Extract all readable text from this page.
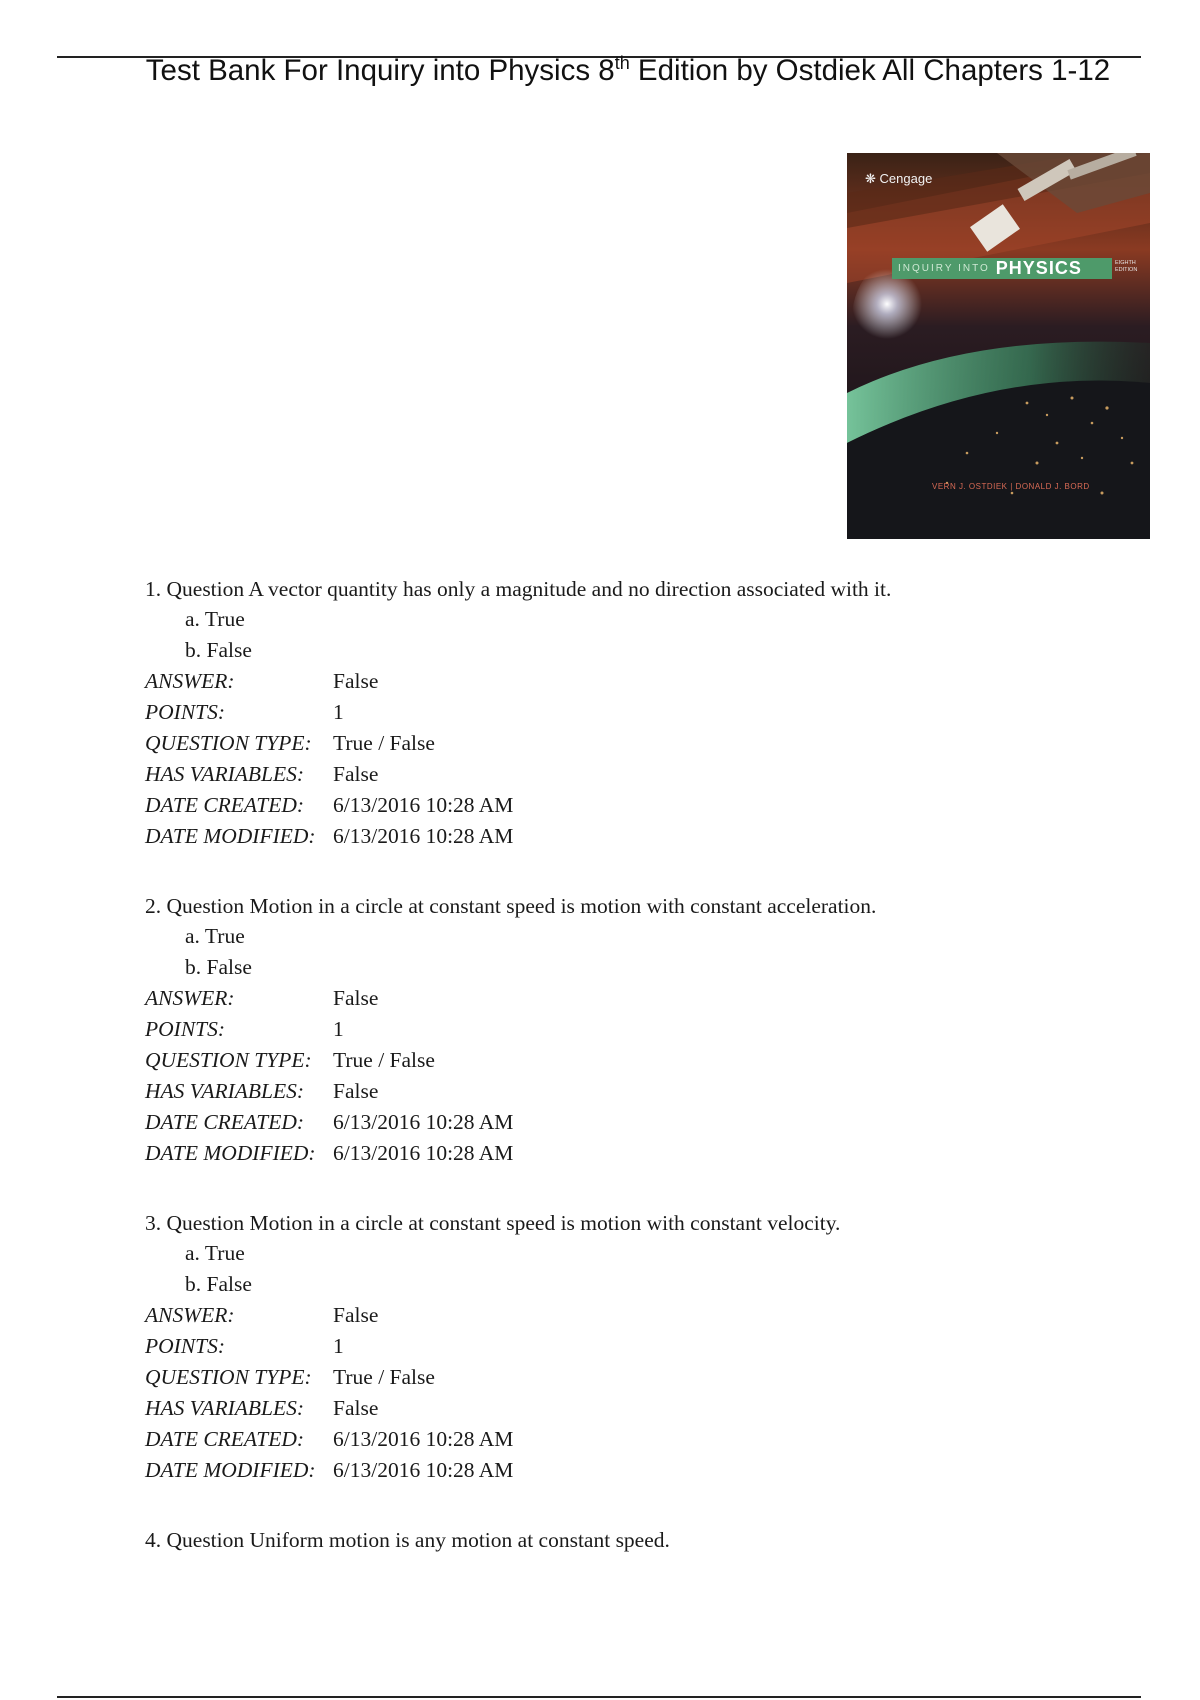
Test Bank For Inquiry into Physics 8th Edition by Ostdiek All Chapters 1-12
❋ Cengage
INQUIRY INTO PHYSICS	EIGHTH EDITION
VERN J. OSTDIEK | DONALD J. BORD
1. Question A vector quantity has only a magnitude and no direction associated with it.
a. True
b. False
ANSWER:	False
POINTS:	1
QUESTION TYPE: True / False
HAS VARIABLES: False
DATE CREATED: 6/13/2016 10:28 AM
DATE MODIFIED: 6/13/2016 10:28 AM
2. Question Motion in a circle at constant speed is motion with constant acceleration.
a. True
b. False
ANSWER:	False
POINTS:	1
QUESTION TYPE: True / False
HAS VARIABLES: False
DATE CREATED: 6/13/2016 10:28 AM
DATE MODIFIED: 6/13/2016 10:28 AM
3. Question Motion in a circle at constant speed is motion with constant velocity.
a. True
b. False
ANSWER:	False
POINTS:	1
QUESTION TYPE: True / False
HAS VARIABLES: False
DATE CREATED: 6/13/2016 10:28 AM
DATE MODIFIED: 6/13/2016 10:28 AM
4. Question Uniform motion is any motion at constant speed.
